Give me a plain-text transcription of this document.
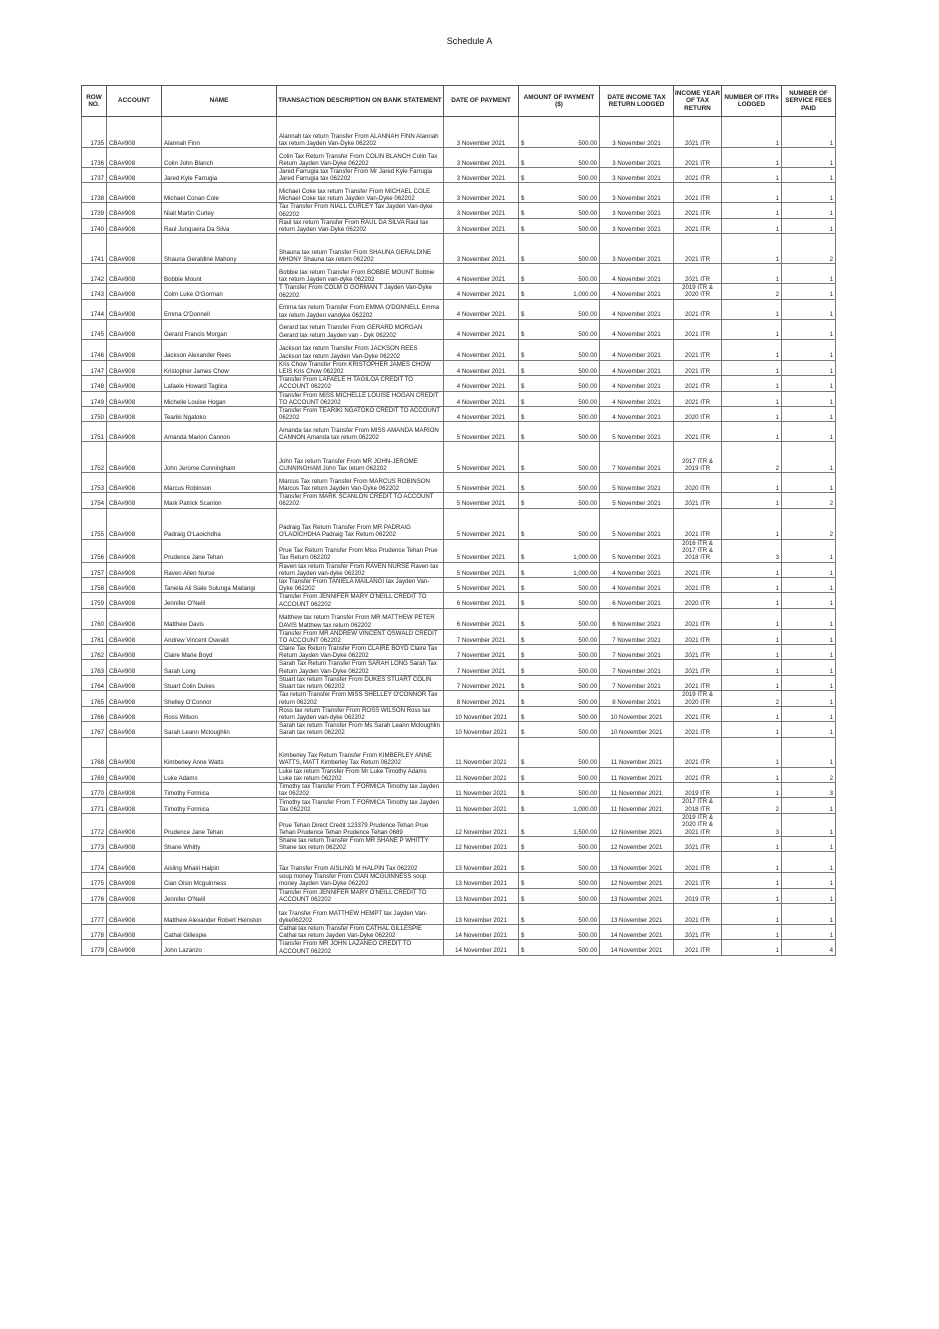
Schedule A
ROW NO.	ACCOUNT	NAME	TRANSACTION DESCRIPTION ON BANK STATEMENT	DATE OF PAYMENT	AMOUNT OF PAYMENT ($)	DATE INCOME TAX RETURN LODGED	INCOME YEAR OF TAX RETURN	NUMBER OF ITRs LODGED	NUMBER OF SERVICE FEES PAID
1735	CBA#908	Alannah Finn	Alannah tax return Transfer From ALANNAH FINN Alannah tax return Jayden Van-Dyke 062202	3 November 2021	$ 500.00	3 November 2021	2021 ITR	1	1
1736	CBA#908	Colin John Blanch	Colin Tax Return Transfer From COLIN BLANCH Colin Tax Return Jayden Van-Dyke 062202	3 November 2021	$ 500.00	3 November 2021	2021 ITR	1	1
1737	CBA#908	Jared Kyle Farrugia	Jared Farrugia tax Transfer From Mr Jared Kyle Farrugia Jared Farrugia tax 062202	3 November 2021	$ 500.00	3 November 2021	2021 ITR	1	1
1738	CBA#908	Michael Conan Cole	Michael Coke tax return Transfer From MICHAEL COLE Michael Coke tax return Jayden Van-Dyke 062202	3 November 2021	$ 500.00	3 November 2021	2021 ITR	1	1
1739	CBA#908	Niall Martin Curley	Tax Transfer From NIALL CURLEY Tax Jayden Van-dyke 062202	3 November 2021	$ 500.00	3 November 2021	2021 ITR	1	1
1740	CBA#908	Raul Junqueira Da Silva	Raul tax return Transfer From RAUL DA SILVA Raul tax return Jayden Van-Dyke 062202	3 November 2021	$ 500.00	3 November 2021	2021 ITR	1	1
1741	CBA#908	Shauna Geraldine Mahony	Shauna tax return Transfer From SHAUNA GERALDINE MHONY Shauna tax return 062202	3 November 2021	$ 500.00	3 November 2021	2021 ITR	1	2
1742	CBA#908	Bobbie Mount	Bobbie tax return Transfer From BOBBIE MOUNT Bobbie tax return Jayden van-dyke 062202	4 November 2021	$ 500.00	4 November 2021	2021 ITR	1	1
1743	CBA#908	Colm Luke O'Gorman	T Transfer From COLM O GORMAN T Jayden Van-Dyke 062202	4 November 2021	$ 1,000.00	4 November 2021	2019 ITR & 2020 ITR	2	1
1744	CBA#908	Emma O'Donnell	Emma tax return Transfer From EMMA O'DONNELL Emma tax return Jayden vandyke 062202	4 November 2021	$ 500.00	4 November 2021	2021 ITR	1	1
1745	CBA#908	Gerard Francis Morgan	Gerard tax return Transfer From GERARD MORGAN Gerard tax return Jayden van - Dyk 062202	4 November 2021	$ 500.00	4 November 2021	2021 ITR	1	1
1746	CBA#908	Jackson Alexander Rees	Jackson tax return Transfer From JACKSON REES Jackson tax return Jayden Van-Dyke 062202	4 November 2021	$ 500.00	4 November 2021	2021 ITR	1	1
1747	CBA#908	Kristopher James Chow	Kris Chow Transfer From KRISTOPHER JAMES CHOW LEIS Kris Chow 062202	4 November 2021	$ 500.00	4 November 2021	2021 ITR	1	1
1748	CBA#908	Lafaele Howard Taglica	Transfer From LAFAELE H TAGILOA CREDIT TO ACCOUNT 062202	4 November 2021	$ 500.00	4 November 2021	2021 ITR	1	1
1749	CBA#908	Michelle Louise Hogan	Transfer From MISS MICHELLE LOUISE HOGAN CREDIT TO ACCOUNT 062202	4 November 2021	$ 500.00	4 November 2021	2021 ITR	1	1
1750	CBA#908	Teariki Ngatoko	Transfer From TEARIKI NGATOKO CREDIT TO ACCOUNT 062202	4 November 2021	$ 500.00	4 November 2021	2020 ITR	1	1
1751	CBA#908	Amanda Marion Cannon	Amanda tax return Transfer From MISS AMANDA MARION CANNON Amanda tax return 062202	5 November 2021	$ 500.00	5 November 2021	2021 ITR	1	1
1752	CBA#908	John Jerome Cunningham	John Tax return Transfer From MR JOHN-JEROME CUNNINGHAM John Tax return 062202	5 November 2021	$ 500.00	7 November 2021	2017 ITR & 2019 ITR	2	1
1753	CBA#908	Marcus Robinson	Marcus Tax return Transfer From MARCUS ROBINSON Marcus Tax return Jayden Van-Dyke 062202	5 November 2021	$ 500.00	5 November 2021	2020 ITR	1	1
1754	CBA#908	Mark Patrick Scanlon	Transfer From MARK SCANLON CREDIT TO ACCOUNT 062202	5 November 2021	$ 500.00	5 November 2021	2021 ITR	1	2
1755	CBA#908	Padraig O'Laoichdha	Padraig Tax Return Transfer From MR PADRAIG O'LAOICHDHA Padraig Tax Return 062202	5 November 2021	$ 500.00	5 November 2021	2021 ITR	1	2
1756	CBA#908	Prudence Jane Tehan	Prue Tax Return Transfer From Miss Prudence Tehan Prue Tax Return 062202	5 November 2021	$ 1,000.00	5 November 2021	2016 ITR & 2017 ITR & 2018 ITR	3	1
1757	CBA#908	Raven Allen Nurse	Raven tax return Transfer From RAVEN NURSE Raven tax return Jayden van-dyke 062202	5 November 2021	$ 1,000.00	4 November 2021	2021 ITR	1	1
1758	CBA#908	Taniela Ali Siale Sulunga Mailangi	tax Transfer From TANIELA MAILANGI tax Jayden Van-Dyke 062202	5 November 2021	$ 500.00	4 November 2021	2021 ITR	1	1
1759	CBA#908	Jennifer O'Neill	Transfer From JENNIFER MARY O'NEILL CREDIT TO ACCOUNT 062202	6 November 2021	$ 500.00	6 November 2021	2020 ITR	1	1
1760	CBA#908	Matthew Davis	Matthew tax return Transfer From MR MATTHEW PETER DAVIS Matthew tax return 062202	6 November 2021	$ 500.00	6 November 2021	2021 ITR	1	1
1761	CBA#908	Andrew Vincent Oswald	Transfer From MR ANDREW VINCENT OSWALD CREDIT TO ACCOUNT 062202	7 November 2021	$ 500.00	7 November 2021	2021 ITR	1	1
1762	CBA#908	Claire Marie Boyd	Claire Tax Return Transfer From CLAIRE BOYD Claire Tax Return Jayden Van-Dyke 062202	7 November 2021	$ 500.00	7 November 2021	2021 ITR	1	1
1763	CBA#908	Sarah Long	Sarah Tax Return Transfer From SARAH LONG Sarah Tax Return Jayden Van-Dyke 062202	7 November 2021	$ 500.00	7 November 2021	2021 ITR	1	1
1764	CBA#908	Stuart Colin Dukes	Stuart tax return Transfer From DUKES STUART COLIN Stuart tax return 062202	7 November 2021	$ 500.00	7 November 2021	2021 ITR	1	1
1765	CBA#908	Shelley O'Connor	Tax return Transfer From MISS SHELLEY O'CONNOR Tax return 062202	8 November 2021	$ 500.00	8 November 2021	2019 ITR & 2020 ITR	2	1
1766	CBA#908	Ross Wilson	Ross tax return Transfer From ROSS WILSON Ross tax return Jayden van-dyke 062202	10 November 2021	$ 500.00	10 November 2021	2021 ITR	1	1
1767	CBA#908	Sarah Leann Mcloughlin	Sarah tax return Transfer From Ms Sarah Leann Mcloughlin Sarah tax return 062202	10 November 2021	$ 500.00	10 November 2021	2021 ITR	1	1
1768	CBA#908	Kimberley Anne Watts	Kimberley Tax Return Transfer From KIMBERLEY ANNE WATTS, MATT Kimberley Tax Return 062202	11 November 2021	$ 500.00	11 November 2021	2021 ITR	1	1
1769	CBA#908	Luke Adams	Luke tax return Transfer From Mr Luke Timothy Adams Luke tax return 062202	11 November 2021	$ 500.00	11 November 2021	2021 ITR	1	2
1770	CBA#908	Timothy Formica	Timothy tax Transfer From T FORMICA Timothy tax Jayden tax 062202	11 November 2021	$ 500.00	11 November 2021	2019 ITR	1	3
1771	CBA#908	Timothy Formica	Timothy tax Transfer From T FORMICA Timothy tax Jayden Tax 062202	11 November 2021	$ 1,000.00	11 November 2021	2017 ITR & 2018 ITR	2	1
1772	CBA#908	Prudence Jane Tehan	Prue Tehan Direct Credit 123379 Prudence Tehan Prue Tehan Prudence Tehan Prudence Tehan 0689	12 November 2021	$ 1,500.00	12 November 2021	2019 ITR & 2020 ITR & 2021 ITR	3	1
1773	CBA#908	Shane Whitty	Shane tax return Transfer From MR SHANE P WHITTY Shane tax return 062202	12 November 2021	$ 500.00	12 November 2021	2021 ITR	1	1
1774	CBA#908	Aisling Mhairi Halpin	Tax Transfer From AISLING M HALPIN Tax 062202	13 November 2021	$ 500.00	13 November 2021	2021 ITR	1	1
1775	CBA#908	Cian Oisin Mcguinness	soup money Transfer From CIAN MCGUINNESS soup money Jayden Van-Dyke 062202	13 November 2021	$ 500.00	12 November 2021	2021 ITR	1	1
1776	CBA#908	Jennifer O'Neill	Transfer From JENNIFER MARY O'NEILL CREDIT TO ACCOUNT 062202	13 November 2021	$ 500.00	13 November 2021	2019 ITR	1	1
1777	CBA#908	Matthew Alexander Robert Heinston	tax Transfer From MATTHEW HEMPT tax Jayden Van-dyke062202	13 November 2021	$ 500.00	13 November 2021	2021 ITR	1	1
1778	CBA#908	Cathal Gillespie	Cathal tax return Transfer From CATHAL GILLESPIE Cathal tax return Jayden Van-Dyke 062202	14 November 2021	$ 500.00	14 November 2021	2021 ITR	1	1
1779	CBA#908	John Lazanzo	Transfer From MR JOHN LAZANEO CREDIT TO ACCOUNT 062202	14 November 2021	$ 500.00	14 November 2021	2021 ITR	1	4
